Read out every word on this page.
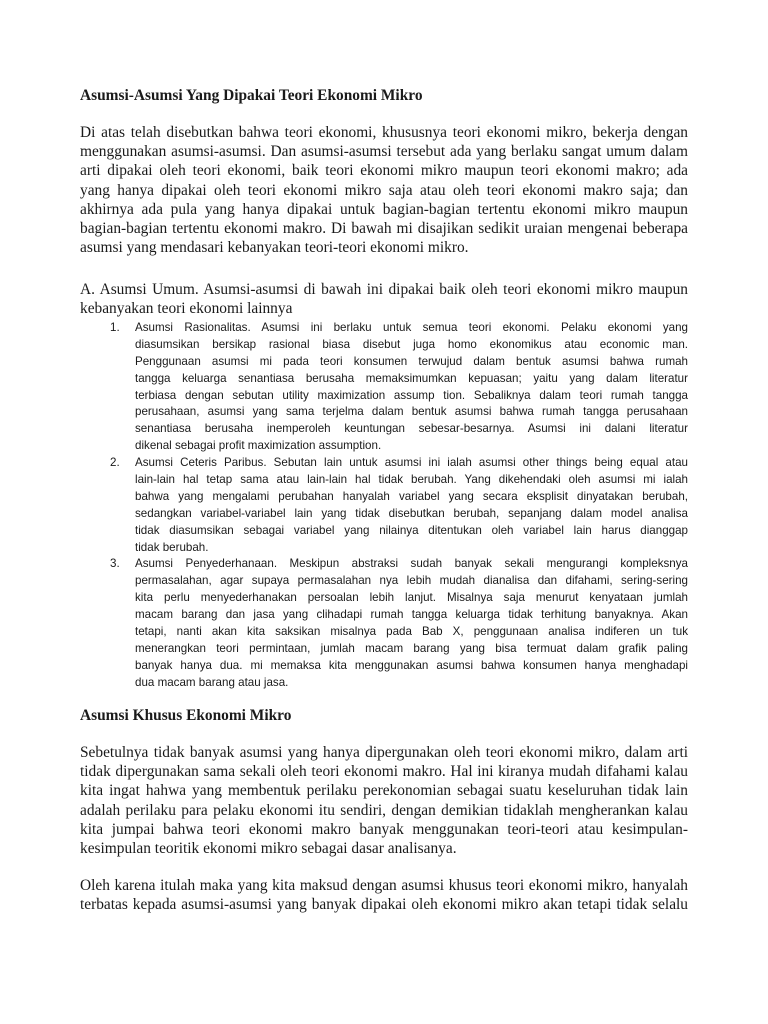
Asumsi-Asumsi Yang Dipakai Teori Ekonomi Mikro
Di atas telah disebutkan bahwa teori ekonomi, khususnya teori ekonomi mikro, bekerja dengan
menggunakan asumsi-asumsi. Dan asumsi-asumsi tersebut ada yang berlaku sangat umum dalam
arti dipakai oleh teori ekonomi, baik teori ekonomi mikro maupun teori ekonomi makro; ada
yang hanya dipakai oleh teori ekonomi mikro saja atau oleh teori ekonomi makro saja; dan
akhirnya ada pula yang hanya dipakai untuk bagian-bagian tertentu ekonomi mikro maupun
bagian-bagian tertentu ekonomi makro. Di bawah mi disajikan sedikit uraian mengenai beberapa
asumsi yang mendasari kebanyakan teori-teori ekonomi mikro.
A. Asumsi Umum. Asumsi-asumsi di bawah ini dipakai baik oleh teori ekonomi mikro maupun
kebanyakan teori ekonomi lainnya
1. Asumsi Rasionalitas. Asumsi ini berlaku untuk semua teori ekonomi. Pelaku ekonomi yang
diasumsikan bersikap rasional biasa disebut juga homo ekonomikus atau economic man.
Penggunaan asumsi mi pada teori konsumen terwujud dalam bentuk asumsi bahwa rumah
tangga keluarga senantiasa berusaha memaksimumkan kepuasan; yaitu yang dalam literatur
terbiasa dengan sebutan utility maximization assump tion. Sebaliknya dalam teori rumah tangga
perusahaan, asumsi yang sama terjelma dalam bentuk asumsi bahwa rumah tangga perusahaan
senantiasa berusaha inemperoleh keuntungan sebesar-besarnya. Asumsi ini dalani literatur
dikenal sebagai profit maximization assumption.
2. Asumsi Ceteris Paribus. Sebutan lain untuk asumsi ini ialah asumsi other things being equal atau
lain-lain hal tetap sama atau lain-lain hal tidak berubah. Yang dikehendaki oleh asumsi mi ialah
bahwa yang mengalami perubahan hanyalah variabel yang secara eksplisit dinyatakan berubah,
sedangkan variabel-variabel lain yang tidak disebutkan berubah, sepanjang dalam model analisa
tidak diasumsikan sebagai variabel yang nilainya ditentukan oleh variabel lain harus dianggap
tidak berubah.
3. Asumsi Penyederhanaan. Meskipun abstraksi sudah banyak sekali mengurangi kompleksnya
permasalahan, agar supaya permasalahan nya lebih mudah dianalisa dan difahami, sering-sering
kita perlu menyederhanakan persoalan lebih lanjut. Misalnya saja menurut kenyataan jumlah
macam barang dan jasa yang clihadapi rumah tangga keluarga tidak terhitung banyaknya. Akan
tetapi, nanti akan kita saksikan misalnya pada Bab X, penggunaan analisa indiferen un tuk
menerangkan teori permintaan, jumlah macam barang yang bisa termuat dalam grafik paling
banyak hanya dua. mi memaksa kita menggunakan asumsi bahwa konsumen hanya menghadapi
dua macam barang atau jasa.
Asumsi Khusus Ekonomi Mikro
Sebetulnya tidak banyak asumsi yang hanya dipergunakan oleh teori ekonomi mikro, dalam arti
tidak dipergunakan sama sekali oleh teori ekonomi makro. Hal ini kiranya mudah difahami kalau
kita ingat hahwa yang membentuk perilaku perekonomian sebagai suatu keseluruhan tidak lain
adalah perilaku para pelaku ekonomi itu sendiri, dengan demikian tidaklah mengherankan kalau
kita jumpai bahwa teori ekonomi makro banyak menggunakan teori-teori atau kesimpulan-
kesimpulan teoritik ekonomi mikro sebagai dasar analisanya.
Oleh karena itulah maka yang kita maksud dengan asumsi khusus teori ekonomi mikro, hanyalah
terbatas kepada asumsi-asumsi yang banyak dipakai oleh ekonomi mikro akan tetapi tidak selalu
